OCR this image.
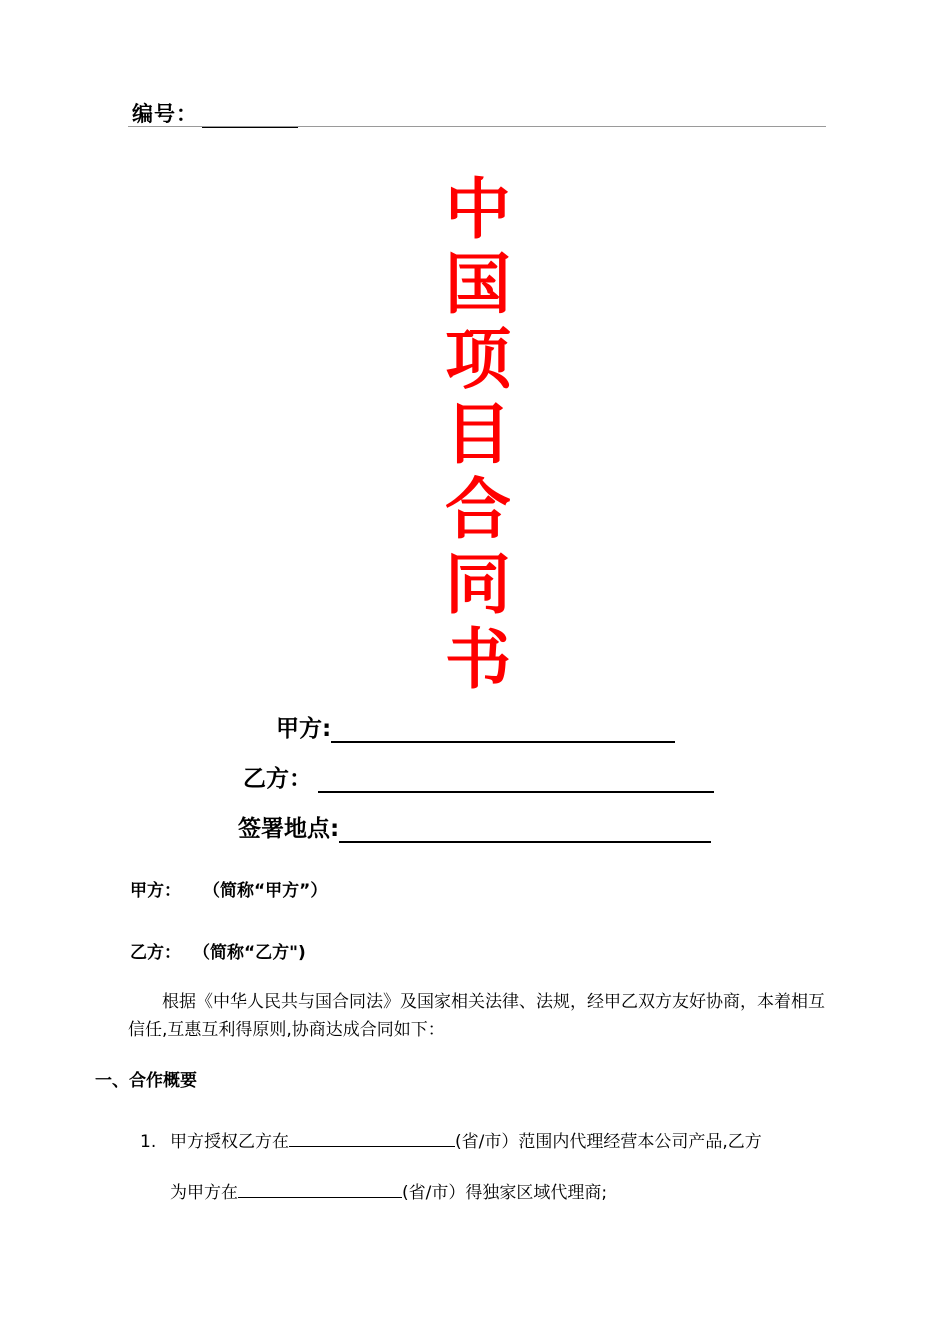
编号：
中
国
项
目
合
同
书
甲方:
乙方：
签署地点:
甲方： （简称“甲方”）
乙方： （简称“乙方")
根据《中华人民共与国合同法》及国家相关法律、法规，经甲乙双方友好协商，本着相互信任,互惠互利得原则,协商达成合同如下：
一、合作概要
1. 甲方授权乙方在	(省/市）范围内代理经营本公司产品,乙方
为甲方在	(省/市）得独家区域代理商;
